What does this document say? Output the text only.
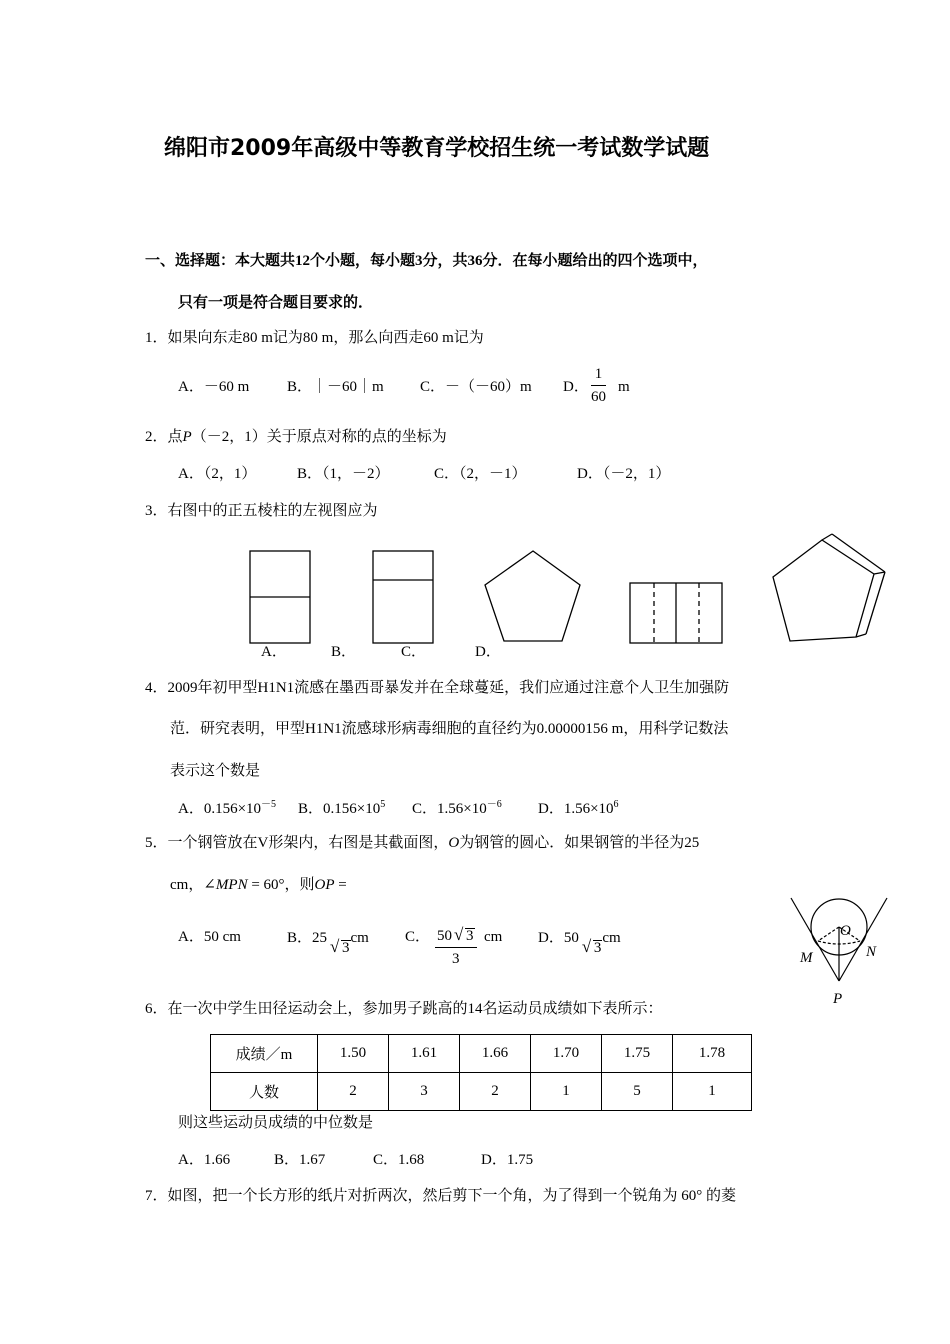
绵阳市2009年高级中等教育学校招生统一考试数学试题
一、选择题：本大题共12个小题，每小题3分，共36分．在每小题给出的四个选项中，
只有一项是符合题目要求的．
1．如果向东走80 m记为80 m，那么向西走60 m记为
A．－60 m	B．｜－60｜m C．－（－60）m D． $\frac{1}{60}$ m
2．点P（－2，1）关于原点对称的点的坐标为
A．（2，1）	B．（1，－2）	C．（2，－1）	D．（－2，1）
3．右图中的正五棱柱的左视图应为
A．	B．	C．	D．
4．2009年初甲型H1N1流感在墨西哥暴发并在全球蔓延，我们应通过注意个人卫生加强防
范．研究表明，甲型H1N1流感球形病毒细胞的直径约为0.00000156 m，用科学记数法
表示这个数是
A．$0.156\times 10^{-5}$ B．$0.156\times 10^5$ C．$1.56\times 10^{-6}$ D．$1.56\times 10^6$
5．一个钢管放在V形架内，右图是其截面图，O为钢管的圆心．如果钢管的半径为25
cm，∠MPN = 60°，则OP =
A．50 cm	B．25 √ 3cm C． $\frac{50 √ 3}{3}$ cm D．50 √ 3cm	O
M	N
P
6．在一次中学生田径运动会上，参加男子跳高的14名运动员成绩如下表所示：
成绩／m	1.50	1.61	1.66	1.70	1.75	1.78
人数	2	3	2	1	5	1
则这些运动员成绩的中位数是
A．1.66	B．1.67	C．1.68	D．1.75
7．如图，把一个长方形的纸片对折两次，然后剪下一个角，为了得到一个锐角为 60° 的菱
